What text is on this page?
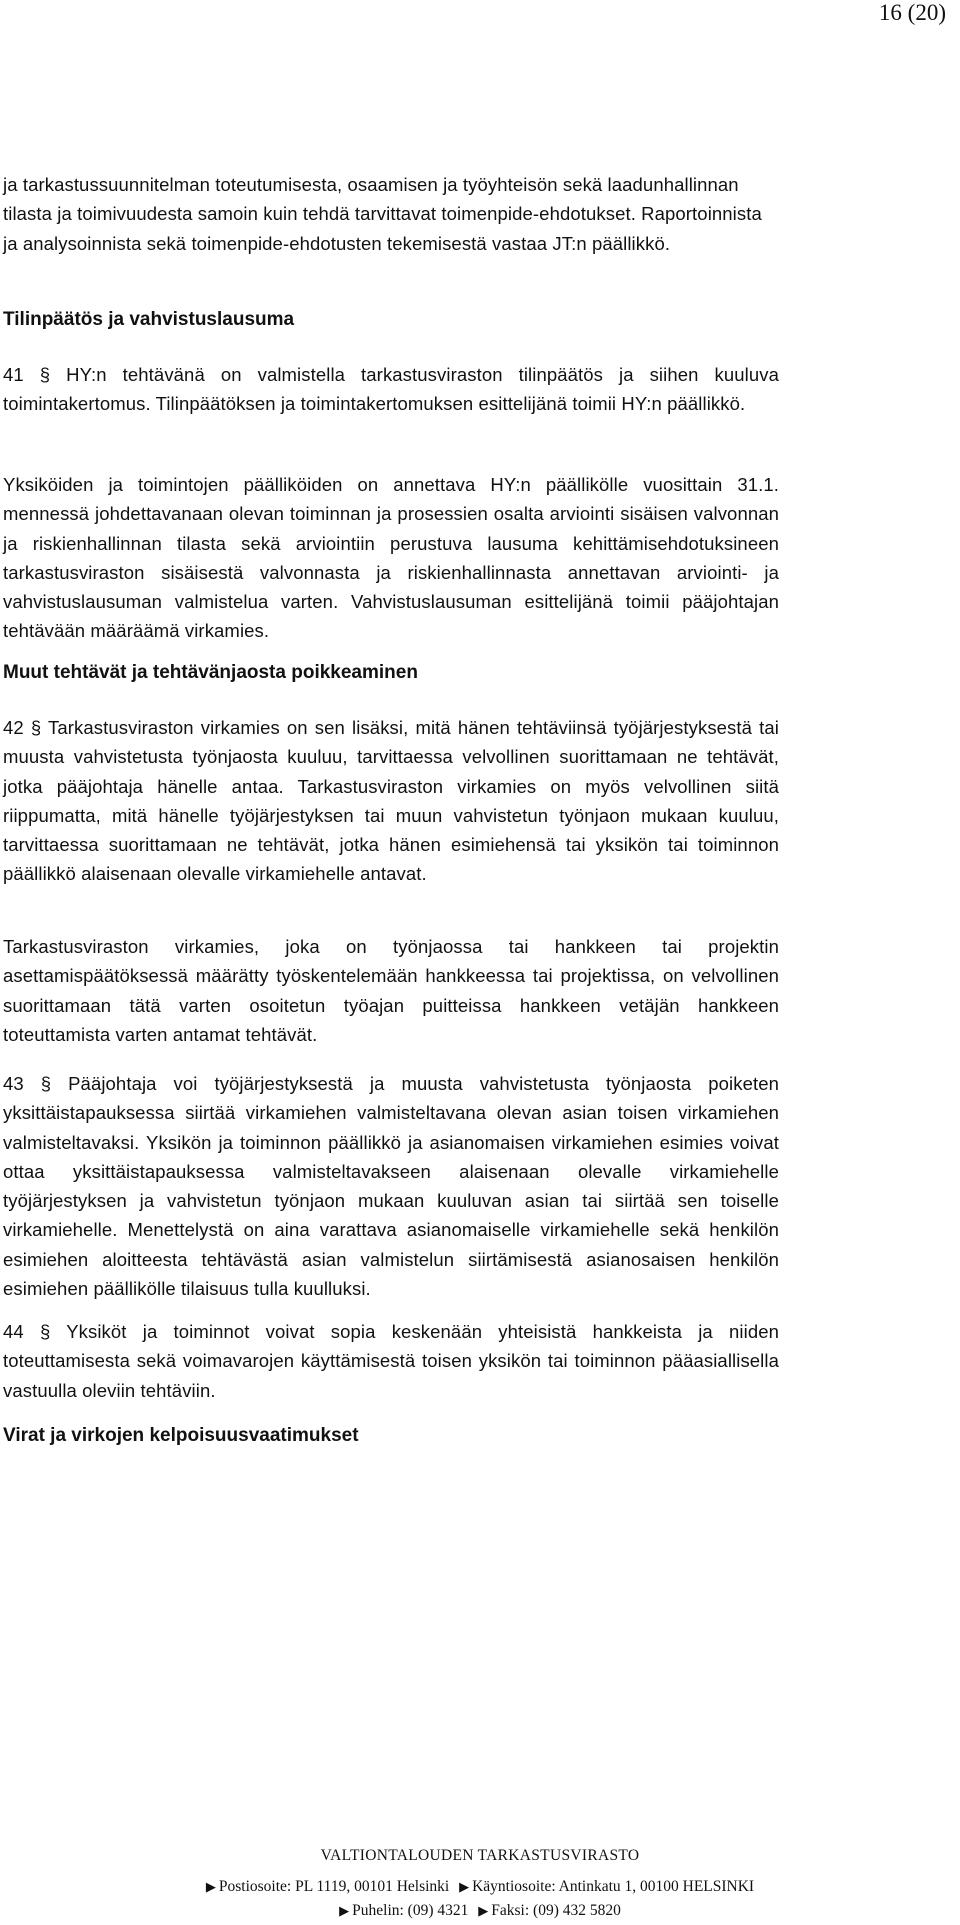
16 (20)

ja tarkastussuunnitelman toteutumisesta, osaamisen ja työyhteisön sekä laadunhallinnan tilasta ja toimivuudesta samoin kuin tehdä tarvittavat toimenpide-ehdotukset. Raportoinnista ja analysoinnista sekä toimenpide-ehdotusten tekemisestä vastaa JT:n päällikkö.

Tilinpäätös ja vahvistuslausuma

41 § HY:n tehtävänä on valmistella tarkastusviraston tilinpäätös ja siihen kuuluva toimintakertomus. Tilinpäätöksen ja toimintakertomuksen esittelijänä toimii HY:n päällikkö.

Yksiköiden ja toimintojen päälliköiden on annettava HY:n päällikölle vuosittain 31.1. mennessä johdettavanaan olevan toiminnan ja prosessien osalta arviointi sisäisen valvonnan ja riskienhallinnan tilasta sekä arviointiin perustuva lausuma kehittämisehdotuksineen tarkastusviraston sisäisestä valvonnasta ja riskienhallinnasta annettavan arviointi- ja vahvistuslausuman valmistelua varten. Vahvistuslausuman esittelijänä toimii pääjohtajan tehtävään määräämä virkamies.

Muut tehtävät ja tehtävänjaosta poikkeaminen

42 § Tarkastusviraston virkamies on sen lisäksi, mitä hänen tehtäviinsä työjärjestyksestä tai muusta vahvistetusta työnjaosta kuuluu, tarvittaessa velvollinen suorittamaan ne tehtävät, jotka pääjohtaja hänelle antaa. Tarkastusviraston virkamies on myös velvollinen siitä riippumatta, mitä hänelle työjärjestyksen tai muun vahvistetun työnjaon mukaan kuuluu, tarvittaessa suorittamaan ne tehtävät, jotka hänen esimiehensä tai yksikön tai toiminnon päällikkö alaisenaan olevalle virkamiehelle antavat.

Tarkastusviraston virkamies, joka on työnjaossa tai hankkeen tai projektin asettamispäätöksessä määrätty työskentelemään hankkeessa tai projektissa, on velvollinen suorittamaan tätä varten osoitetun työajan puitteissa hankkeen vetäjän hankkeen toteuttamista varten antamat tehtävät.

43 § Pääjohtaja voi työjärjestyksestä ja muusta vahvistetusta työnjaosta poiketen yksittäistapauksessa siirtää virkamiehen valmisteltavana olevan asian toisen virkamiehen valmisteltavaksi. Yksikön ja toiminnon päällikkö ja asianomaisen virkamiehen esimies voivat ottaa yksittäistapauksessa valmisteltavakseen alaisenaan olevalle virkamiehelle työjärjestyksen ja vahvistetun työnjaon mukaan kuuluvan asian tai siirtää sen toiselle virkamiehelle. Menettelystä on aina varattava asianomaiselle virkamiehelle sekä henkilön esimiehen aloitteesta tehtävästä asian valmistelun siirtämisestä asianosaisen henkilön esimiehen päällikölle tilaisuus tulla kuulluksi.

44 § Yksiköt ja toiminnot voivat sopia keskenään yhteisistä hankkeista ja niiden toteuttamisesta sekä voimavarojen käyttämisestä toisen yksikön tai toiminnon pääasiallisella vastuulla oleviin tehtäviin.

Virat ja virkojen kelpoisuusvaatimukset
VALTIONTALOUDEN TARKASTUSVIRASTO
▶ Postiosoite: PL 1119, 00101 Helsinki ▶ Käyntiosoite: Antinkatu 1, 00100 HELSINKI
▶ Puhelin: (09) 4321 ▶ Faksi: (09) 432 5820
